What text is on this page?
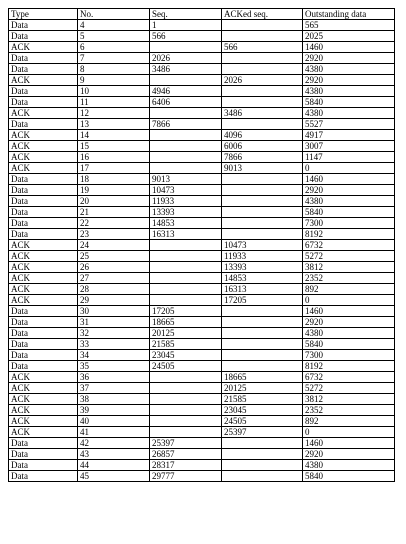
Type	No.	Seq.	ACKed seq.	Outstanding data
Data	4	1		565
Data	5	566		2025
ACK	6		566	1460
Data	7	2026		2920
Data	8	3486		4380
ACK	9		2026	2920
Data	10	4946		4380
Data	11	6406		5840
ACK	12		3486	4380
Data	13	7866		5527
ACK	14		4096	4917
ACK	15		6006	3007
ACK	16		7866	1147
ACK	17		9013	0
Data	18	9013		1460
Data	19	10473		2920
Data	20	11933		4380
Data	21	13393		5840
Data	22	14853		7300
Data	23	16313		8192
ACK	24		10473	6732
ACK	25		11933	5272
ACK	26		13393	3812
ACK	27		14853	2352
ACK	28		16313	892
ACK	29		17205	0
Data	30	17205		1460
Data	31	18665		2920
Data	32	20125		4380
Data	33	21585		5840
Data	34	23045		7300
Data	35	24505		8192
ACK	36		18665	6732
ACK	37		20125	5272
ACK	38		21585	3812
ACK	39		23045	2352
ACK	40		24505	892
ACK	41		25397	0
Data	42	25397		1460
Data	43	26857		2920
Data	44	28317		4380
Data	45	29777		5840
